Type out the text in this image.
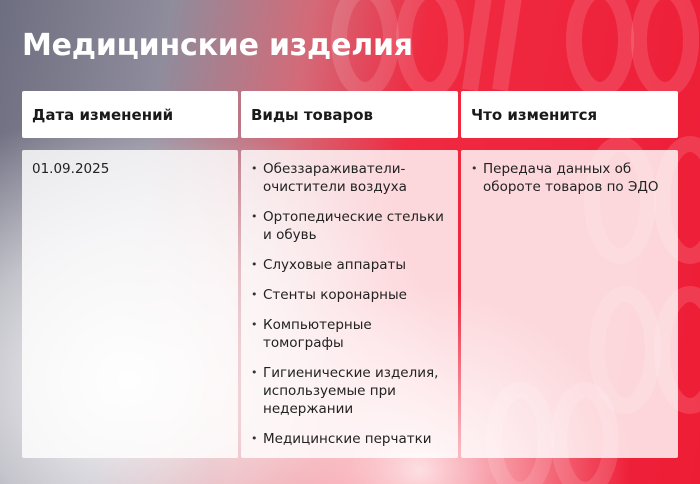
Медицинские изделия
Дата изменений	Виды товаров	Что изменится

01.09.2025

•	Обеззараживатели-очистители воздуха
• Ортопедические стельки и обувь
• Слуховые аппараты
• Стенты коронарные
• Компьютерные томографы
• Гигиенические изделия, используемые при недержании
• Медицинские перчатки
• Передача данных об обороте товаров по ЭДО
